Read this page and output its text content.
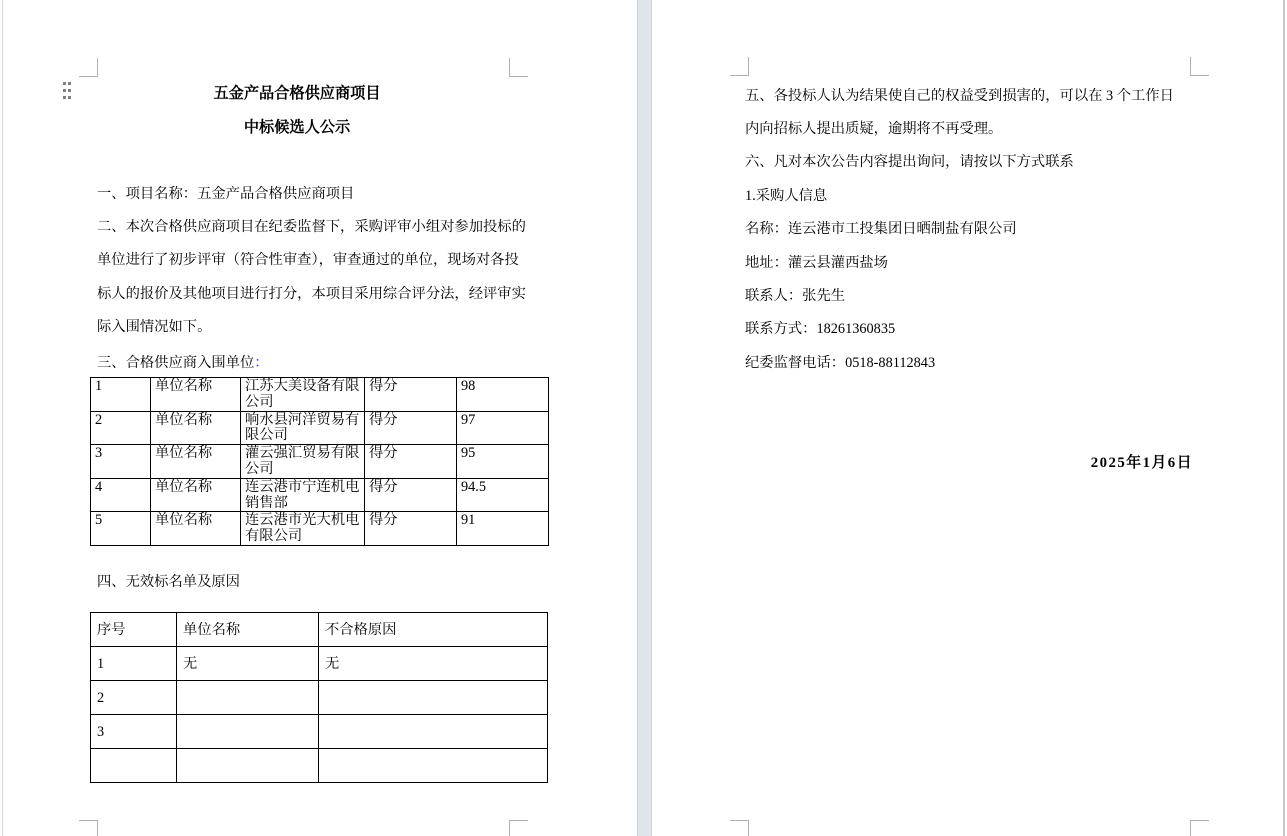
五金产品合格供应商项目
中标候选人公示
一、项目名称：五金产品合格供应商项目
二、本次合格供应商项目在纪委监督下，采购评审小组对参加投标的
单位进行了初步评审（符合性审查），审查通过的单位，现场对各投
标人的报价及其他项目进行打分，本项目采用综合评分法，经评审实
际入围情况如下。
三、合格供应商入围单位：
1	单位名称	江苏大美设备有限公司	得分	98
2	单位名称	响水县河洋贸易有限公司	得分	97
3	单位名称	灌云强汇贸易有限公司	得分	95
4	单位名称	连云港市宁连机电销售部	得分	94.5
5	单位名称	连云港市光大机电有限公司	得分	91
四、无效标名单及原因
序号	单位名称	不合格原因
1	无	无
2		
3		

五、各投标人认为结果使自己的权益受到损害的，可以在 3 个工作日
内向招标人提出质疑，逾期将不再受理。
六、凡对本次公告内容提出询问，请按以下方式联系
1.采购人信息
名称：连云港市工投集团日晒制盐有限公司
地址：灌云县灌西盐场
联系人：张先生
联系方式：18261360835
纪委监督电话：0518-88112843
2025年1月6日
